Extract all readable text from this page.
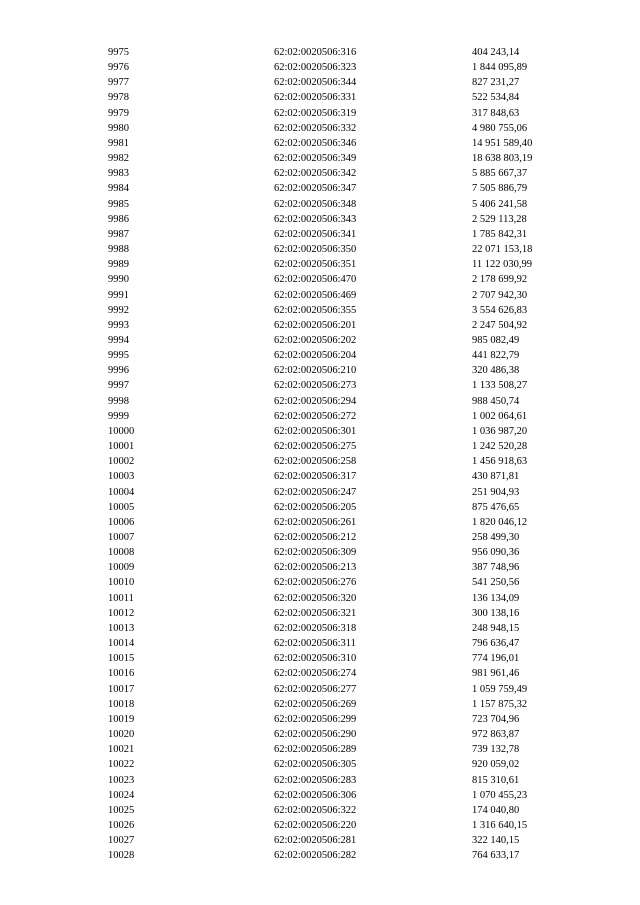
9975	62:02:0020506:316	404 243,14
9976	62:02:0020506:323	1 844 095,89
9977	62:02:0020506:344	827 231,27
9978	62:02:0020506:331	522 534,84
9979	62:02:0020506:319	317 848,63
9980	62:02:0020506:332	4 980 755,06
9981	62:02:0020506:346	14 951 589,40
9982	62:02:0020506:349	18 638 803,19
9983	62:02:0020506:342	5 885 667,37
9984	62:02:0020506:347	7 505 886,79
9985	62:02:0020506:348	5 406 241,58
9986	62:02:0020506:343	2 529 113,28
9987	62:02:0020506:341	1 785 842,31
9988	62:02:0020506:350	22 071 153,18
9989	62:02:0020506:351	11 122 030,99
9990	62:02:0020506:470	2 178 699,92
9991	62:02:0020506:469	2 707 942,30
9992	62:02:0020506:355	3 554 626,83
9993	62:02:0020506:201	2 247 504,92
9994	62:02:0020506:202	985 082,49
9995	62:02:0020506:204	441 822,79
9996	62:02:0020506:210	320 486,38
9997	62:02:0020506:273	1 133 508,27
9998	62:02:0020506:294	988 450,74
9999	62:02:0020506:272	1 002 064,61
10000	62:02:0020506:301	1 036 987,20
10001	62:02:0020506:275	1 242 520,28
10002	62:02:0020506:258	1 456 918,63
10003	62:02:0020506:317	430 871,81
10004	62:02:0020506:247	251 904,93
10005	62:02:0020506:205	875 476,65
10006	62:02:0020506:261	1 820 046,12
10007	62:02:0020506:212	258 499,30
10008	62:02:0020506:309	956 090,36
10009	62:02:0020506:213	387 748,96
10010	62:02:0020506:276	541 250,56
10011	62:02:0020506:320	136 134,09
10012	62:02:0020506:321	300 138,16
10013	62:02:0020506:318	248 948,15
10014	62:02:0020506:311	796 636,47
10015	62:02:0020506:310	774 196,01
10016	62:02:0020506:274	981 961,46
10017	62:02:0020506:277	1 059 759,49
10018	62:02:0020506:269	1 157 875,32
10019	62:02:0020506:299	723 704,96
10020	62:02:0020506:290	972 863,87
10021	62:02:0020506:289	739 132,78
10022	62:02:0020506:305	920 059,02
10023	62:02:0020506:283	815 310,61
10024	62:02:0020506:306	1 070 455,23
10025	62:02:0020506:322	174 040,80
10026	62:02:0020506:220	1 316 640,15
10027	62:02:0020506:281	322 140,15
10028	62:02:0020506:282	764 633,17
